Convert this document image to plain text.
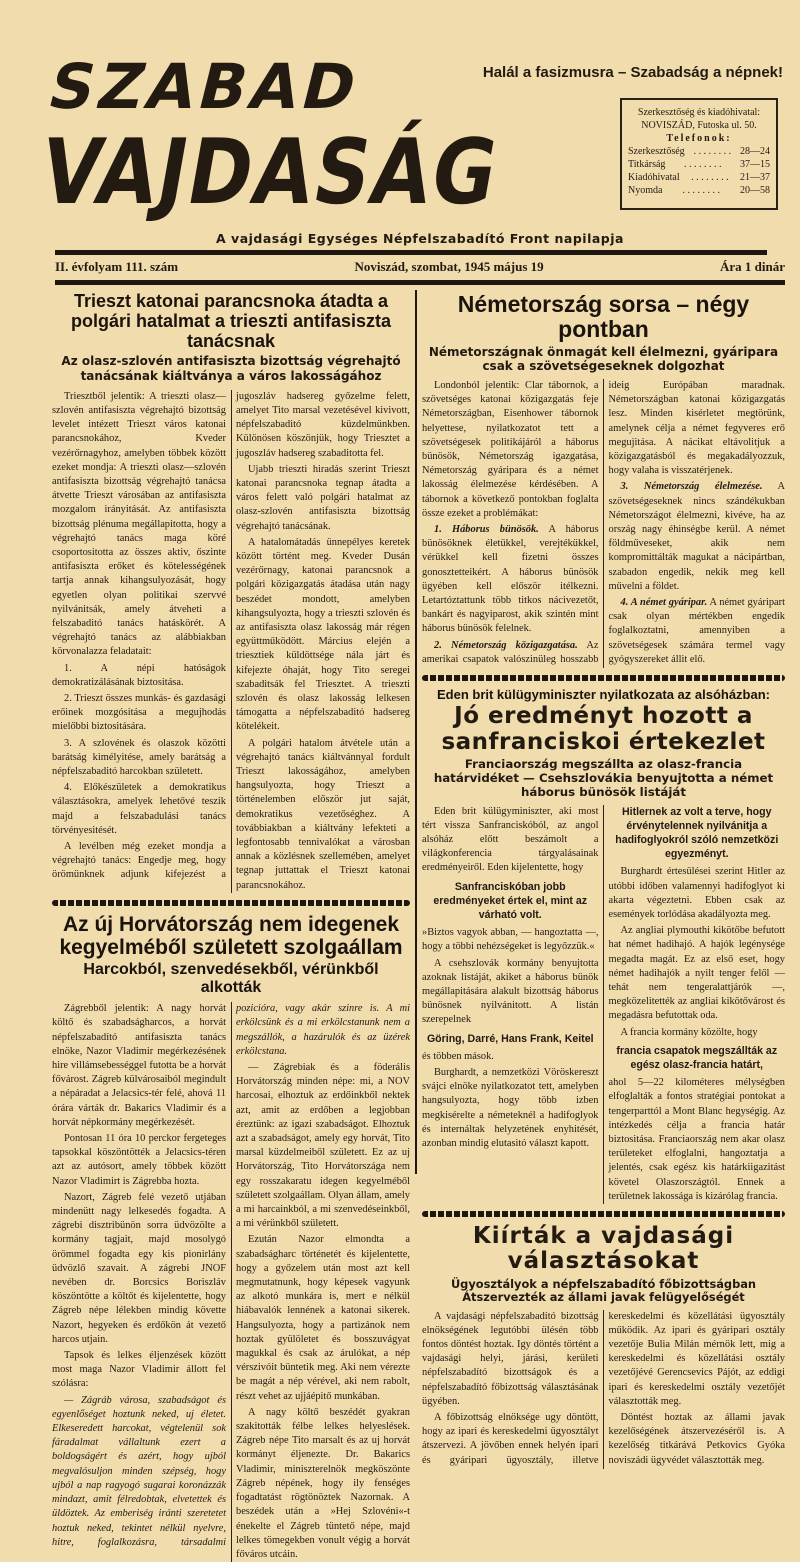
SZABAD
VAJDASÁG
Halál a fasizmusra – Szabadság a népnek!
Szerkesztőség és kiadóhivatal:
NOVISZÁD, Futoska ul. 50.
Telefonok:
Szerkesztőség . . . . . . . . 28—24
Titkárság	. . . . . . . .	37—15
Kiadóhivatal	. . . . . . . .	21—37
Nyomda	. . . . . . . .	20—58
A vajdasági Egységes Népfelszabadító Front napilapja
II. évfolyam 111. szám	Noviszád, szombat, 1945 május 19	Ára 1 dinár
Trieszt katonai parancsnoka átadta a polgári hatalmat a trieszti antifasiszta tanácsnak
Az olasz-szlovén antifasiszta bizottság végrehajtó tanácsának kiáltványa a város lakosságához

Triesztből jelentik: A trieszti olasz—szlovén antifasiszta végrehajtó bizottság levelet intézett Trieszt város katonai parancsnokához, Kveder vezérőrnagyhoz, amelyben többek között ezeket mondja: A trieszti olasz—szlovén antifasiszta bizottság végrehajtó tanácsa átvette Trieszt városában az antifasiszta mozgalom irányitását. Az antifasiszta bizottság plénuma megállapitotta, hogy a végrehajtó tanács maga köré csoportositotta az összes aktiv, őszinte antifasiszta erőket és kötelességének tartja annak kihangsulyozását, hogy egyetlen olyan politikai szervvé nyilvánitsák, amely átveheti a felszabaditó tanács hatáskörét. A végrehajtó tanács az alábbiakban körvonalazza feladatait:

1. A népi hatóságok demokratizálásának biztositása.

2. Trieszt összes munkás- és gazdasági erőinek mozgósitása a megujhodás mielőbbi biztositására.

3. A szlovének és olaszok közötti barátság kimélyitése, amely barátság a népfelszabaditó harcokban született.

4. Előkészületek a demokratikus választásokra, amelyek lehetővé teszik majd a felszabadulási tanács törvényesitését.

A levélben még ezeket mondja a végrehajtó tanács: Engedje meg, hogy örömünknek adjunk kifejezést a jugoszláv hadsereg győzelme felett, amelyet Tito marsal vezetésével kivivott, népfelszabaditó küzdelmünkben. Különösen köszönjük, hogy Triesztet a jugoszláv hadsereg szabaditotta fel.

Ujabb trieszti hiradás szerint Trieszt katonai parancsnoka tegnap átadta a város felett való polgári hatalmat az olasz-szlovén antifasiszta bizottság végrehajtó tanácsának.

A hatalomátadás ünnepélyes keretek között történt meg. Kveder Dusán vezérőrnagy, katonai parancsnok a polgári közigazgatás átadása után nagy beszédet mondott, amelyben kihangsulyozta, hogy a trieszti szlovén és az antifasiszta olasz lakosság már régen együttműködött. Március elején a triesztiek küldöttsége nála járt és kifejezte óhaját, hogy Tito seregei szabaditsák fel Triesztet. A trieszti szlovén és olasz lakosság lelkesen támogatta a népfelszabaditó hadsereg kötelékeit.

A polgári hatalom átvétele után a végrehajtó tanács kiáltvánnyal fordult Trieszt lakosságához, amelyben hangsulyozta, hogy Trieszt a történelemben először jut saját, demokratikus vezetőséghez. A továbbiakban a kiáltvány lefekteti a legfontosabb tennivalókat a városban annak a közlésnek szellemében, amelyet tegnap juttattak el Trieszt katonai parancsnokához.

Az új Horvátország nem idegenek kegyelméből született szolgaállam
Harcokból, szenvedésekből, vérünkből alkották

Zágrebből jelentik: A nagy horvát költő és szabadságharcos, a horvát népfelszabadító antifasiszta tanács elnöke, Nazor Vladimir megérkezésének hire villámsebességgel futotta be a horvát fővárost. Zágreb külvárosaiból megindult a népáradat a Jelacsics-tér felé, ahová 11 órára várták dr. Bakarics Vladimir és a horvát népkormány megérkezését.

Pontosan 11 óra 10 perckor fergeteges tapsokkal köszöntötték a Jelacsics-téren azt az autósort, amely többek között Nazor Vladimirt is Zágrebba hozta.

Nazort, Zágreb felé vezető utjában mindenütt nagy lelkesedés fogadta. A zágrebi disztribünön sorra üdvözölte a kormány tagjait, majd mosolygó örömmel fogadta egy kis pionirlány üdvözlő szavait. A zágrebi JNOF nevében dr. Borcsics Boriszláv köszöntötte a költőt és kijelentette, hogy Zágreb népe lélekben mindig követte Nazort, hegyeken és erdőkön át vezető harcos utjain.

Tapsok és lelkes éljenzések között most maga Nazor Vladimir állott fel szólásra:

— Zágráb városa, szabadságot és egyenlőséget hoztunk neked, uj életet. Elkeseredett harcokat, végtelenül sok fáradalmat vállaltunk ezert a boldogságért és azért, hogy ujból megvalósuljon minden szépség, hogy ujból a nap ragyogó sugarai koronázzák mindazt, amit félredobtak, elvetettek és üldöztek. Az emberiség iránti szeretetet hoztuk neked, tekintet nélkül nyelvre, hitre, foglalkozásra, társadalmi pozicióra, vagy akár szinre is. A mi erkölcsünk és a mi erkölcstanunk nem a megszállók, a hazárulók és az üzérek erkölcstana.

— Zágrebiak és a föderális Horvátország minden népe: mi, a NOV harcosai, elhoztuk az erdőinkből nektek azt, amit az erdőben a legjobban éreztünk: az igazi szabadságot. Elhoztuk azt a szabadságot, amely egy horvát, Tito marsal küzdelmeiből született. Ez az uj Horvátország, Tito Horvátországa nem egy rosszakaratu idegen kegyelméből született szolgaállam. Olyan állam, amely a mi harcainkból, a mi szenvedéseinkből, a mi vérünkből született.

Ezután Nazor elmondta a szabadságharc történetét és kijelentette, hogy a győzelem után most azt kell megmutatnunk, hogy képesek vagyunk az alkotó munkára is, mert e nélkül hiábavalók lennének a katonai sikerek. Hangsulyozta, hogy a partizánok nem hoztak gyülöletet és bosszuvágyat magukkal és csak az árulókat, a nép vérszivóit büntetik meg. Aki nem vérezte be magát a nép vérével, aki nem rabolt, részt vehet az ujjáépitő munkában.

A nagy költő beszédét gyakran szakitották félbe lelkes helyeslések. Zágreb népe Tito marsalt és az uj horvát kormányt éljenezte. Dr. Bakarics Vladimir, miniszterelnök megköszönte Zágreb népének, hogy ily fenséges fogadtatást rögtönöztek Nazornak. A beszédek után a »Hej Szlovéni«-t énekelte el Zágreb tüntető népe, majd lelkes tömegekben vonult végig a horvát főváros utcáin.

Németország sorsa – négy pontban
Németországnak önmagát kell élelmezni, gyáripara csak a szövetségeseknek dolgozhat

Londonból jelentik: Clar tábornok, a szövetséges katonai közigazgatás feje Németországban, Eisenhower tábornok helyettese, nyilatkozatot tett a szövetségesek politikájáról a háborus bünösök, Németország igazgatása, Németország gyáripara és a német lakosság élelmezése kérdésében. A tábornok a következő pontokban foglalta össze ezeket a problémákat:

1. Háborus bünösök. A háborus bünösöknek életükkel, verejtékükkel, vérükkel kell fizetni összes gonosztetteikért. A háborus bünösök ügyében kell először itélkezni. Letartóztattunk több titkos nácivezetőt, bankárt és nagyiparost, akik szintén mint háborus bünösök felelnek.

2. Németország közigazgatása. Az amerikai csapatok valószinüleg hosszabb ideig Európában maradnak. Németországban katonai közigazgatás lesz. Minden kisérletet megtörünk, amelynek célja a német fegyveres erő megujitása. A nácikat eltávolitjuk a közigazgatásból és megakadályozzuk, hogy valaha is visszatérjenek.

3. Németország élelmezése. A szövetségeseknek nincs szándékukban Németországot élelmezni, kivéve, ha az ország nagy éhinségbe kerül. A német földműveseket, akik nem kompromittálták magukat a nácipártban, szabadon engedik, nekik meg kell művelni a földet.

4. A német gyáripar. A német gyáripart csak olyan mértékben engedik foglalkoztatni, amennyiben a szövetségesek számára termel vagy gyógyszereket állit elő.

Eden brit külügyminiszter nyilatkozata az alsóházban:
Jó eredményt hozott a sanfranciskoi értekezlet
Franciaország megszállta az olasz-francia határvidéket — Csehszlovákia benyujtotta a német háborus bünösök listáját

Eden brit külügyminiszter, aki most tért vissza Sanfranciskóból, az angol alsóház előtt beszámolt a világkonferencia tárgyalásainak eredményeiről. Eden kijelentette, hogy

Sanfranciskóban jobb eredményeket értek el, mint az várható volt.

»Biztos vagyok abban, — hangoztatta —, hogy a többi nehézségeket is legyőzzük.«

A csehszlovák kormány benyujtotta azoknak listáját, akiket a háborus bünök megállapitására alakult bizottság háborus bünösnek nyilvánitott. A listán szerepelnek

Göring, Darré, Hans Frank, Keitel

és többen mások.

Burghardt, a nemzetközi Vöröskereszt svájci elnöke nyilatkozatot tett, amelyben hangsulyozta, hogy több izben megkisérelte a németeknél a hadifoglyok és internáltak helyzetének enyhitését, azonban mindig elutasitó választ kapott.

Hitlernek az volt a terve, hogy érvénytelennek nyilvánitja a hadifoglyokról szóló nemzetközi egyezményt.

Burghardt értesülései szerint Hitler az utóbbi időben valamennyi hadifoglyot ki akarta végeztetni. Ebben csak az események torlódása akadályozta meg.

Az angliai plymouthi kikötőbe befutott hat német hadihajó. A hajók legénysége megadta magát. Ez az első eset, hogy német hadihajók a nyilt tenger felől — tehát nem tengeralattjárók —, megközelitették az angliai kikötővárost és megadásra befutottak oda.

A francia kormány közölte, hogy

francia csapatok megszállták az egész olasz-francia határt,

ahol 5—22 kilométeres mélységben elfoglalták a fontos stratégiai pontokat a tengerparttól a Mont Blanc hegységig. Az intézkedés célja a francia határ biztositása. Franciaország nem akar olasz területeket elfoglalni, hangoztatja a jelentés, csak egész kis határkiigazitást követel Olaszországtól. Ennek a területnek lakossága is kizárólag francia.

Kiírták a vajdasági választásokat
Ügyosztályok a népfelszabadító főbizottságban
Átszervezték az állami javak felügyelőségét

A vajdasági népfelszabadító bizottság elnökségének legutóbbi ülésén több fontos döntést hoztak. Igy döntés történt a vajdasági helyi, járási, kerületi népfelszabadító bizottságok és a népfelszabadító főbizottság választásának ügyében.

A főbizottság elnöksége ugy döntött, hogy az ipari és kereskedelmi ügyosztályt átszervezi. A jövőben ennek helyén ipari és gyáripari ügyosztály, illetve kereskedelmi és közellátási ügyosztály működik. Az ipari és gyáripari osztály vezetője Bulia Milán mérnök lett, mig a kereskedelmi és közellátási osztály vezetőjévé Gerencsevics Pájót, az eddigi ipari és kereskedelmi osztály vezetőjét választották meg.

Döntést hoztak az állami javak kezelőségének átszervezéséről is. A kezelőség titkárává Petkovics Gyóka noviszádi ügyvédet választották meg.
